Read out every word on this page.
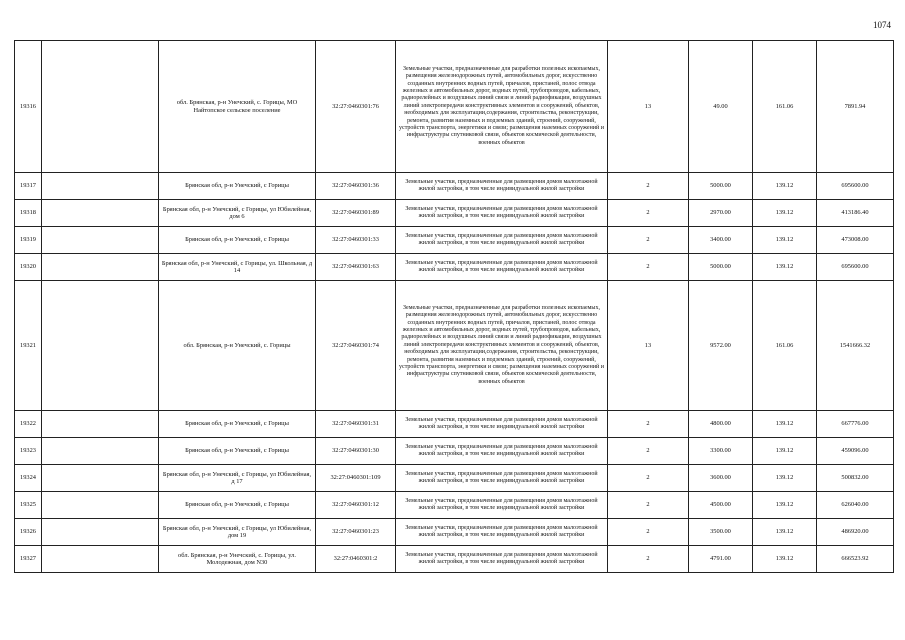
1074
19316		обл. Брянская, р-н Унечский, с. Горицы, МО Найтопское сельское поселение	32:27:0460301:76	Земельные участки, предназначенные для разработки полезных ископаемых, размещения железнодорожных путей, автомобильных дорог, искусственно созданных внутренних водных путей, причалов, пристаней, полос отвода железных и автомобильных дорог, водных путей, трубопроводов, кабельных, радиорелейных и воздушных линий связи и линий радиофикации, воздушных линий электропередачи конструктивных элементов и сооружений, объектов, необходимых для эксплуатации,содержания, строительства, реконструкции, ремонта, развития наземных и подземных зданий, строений, сооружений, устройств транспорта, энергетики и связи; размещения наземных сооружений и инфраструктуры спутниковой связи, объектов космической деятельности, военных объектов	13	49.00	161.06	7891.94
19317		Брянская обл, р-н Унечский, с Горицы	32:27:0460301:36	Земельные участки, предназначенные для размещения домов малоэтажной жилой застройки, в том числе индивидуальной жилой застройки	2	5000.00	139.12	695600.00
19318		Брянская обл, р-н Унечский, с Горицы, ул Юбилейная, дом 6	32:27:0460301:89	Земельные участки, предназначенные для размещения домов малоэтажной жилой застройки, в том числе индивидуальной жилой застройки	2	2970.00	139.12	413186.40
19319		Брянская обл, р-н Унечский, с Горицы	32:27:0460301:33	Земельные участки, предназначенные для размещения домов малоэтажной жилой застройки, в том числе индивидуальной жилой застройки	2	3400.00	139.12	473008.00
19320		Брянская обл, р-н Унечский, с Горицы, ул. Школьная, д 14	32:27:0460301:63	Земельные участки, предназначенные для размещения домов малоэтажной жилой застройки, в том числе индивидуальной жилой застройки	2	5000.00	139.12	695600.00
19321		обл. Брянская, р-н Унечский, с. Горицы	32:27:0460301:74	Земельные участки, предназначенные для разработки полезных ископаемых, размещения железнодорожных путей, автомобильных дорог, искусственно созданных внутренних водных путей, причалов, пристаней, полос отвода железных и автомобильных дорог, водных путей, трубопроводов, кабельных, радиорелейных и воздушных линий связи и линий радиофикации, воздушных линий электропередачи конструктивных элементов и сооружений, объектов, необходимых для эксплуатации,содержания, строительства, реконструкции, ремонта, развития наземных и подземных зданий, строений, сооружений, устройств транспорта, энергетики и связи; размещения наземных сооружений и инфраструктуры спутниковой связи, объектов космической деятельности, военных объектов	13	9572.00	161.06	1541666.32
19322		Брянская обл, р-н Унечский, с Горицы	32:27:0460301:31	Земельные участки, предназначенные для размещения домов малоэтажной жилой застройки, в том числе индивидуальной жилой застройки	2	4800.00	139.12	667776.00
19323		Брянская обл, р-н Унечский, с Горицы	32:27:0460301:30	Земельные участки, предназначенные для размещения домов малоэтажной жилой застройки, в том числе индивидуальной жилой застройки	2	3300.00	139.12	459096.00
19324		Брянская обл, р-н Унечский, с Горицы, ул Юбилейная, д 17	32:27:0460301:109	Земельные участки, предназначенные для размещения домов малоэтажной жилой застройки, в том числе индивидуальной жилой застройки	2	3600.00	139.12	500832.00
19325		Брянская обл, р-н Унечский, с Горицы	32:27:0460301:12	Земельные участки, предназначенные для размещения домов малоэтажной жилой застройки, в том числе индивидуальной жилой застройки	2	4500.00	139.12	626040.00
19326		Брянская обл, р-н Унечский, с Горицы, ул Юбилейная, дом 19	32:27:0460301:23	Земельные участки, предназначенные для размещения домов малоэтажной жилой застройки, в том числе индивидуальной жилой застройки	2	3500.00	139.12	486920.00
19327		обл. Брянская, р-н Унечский, с. Горицы, ул. Молодежная, дом N30	32:27:0460301:2	Земельные участки, предназначенные для размещения домов малоэтажной жилой застройки, в том числе индивидуальной жилой застройки	2	4791.00	139.12	666523.92
